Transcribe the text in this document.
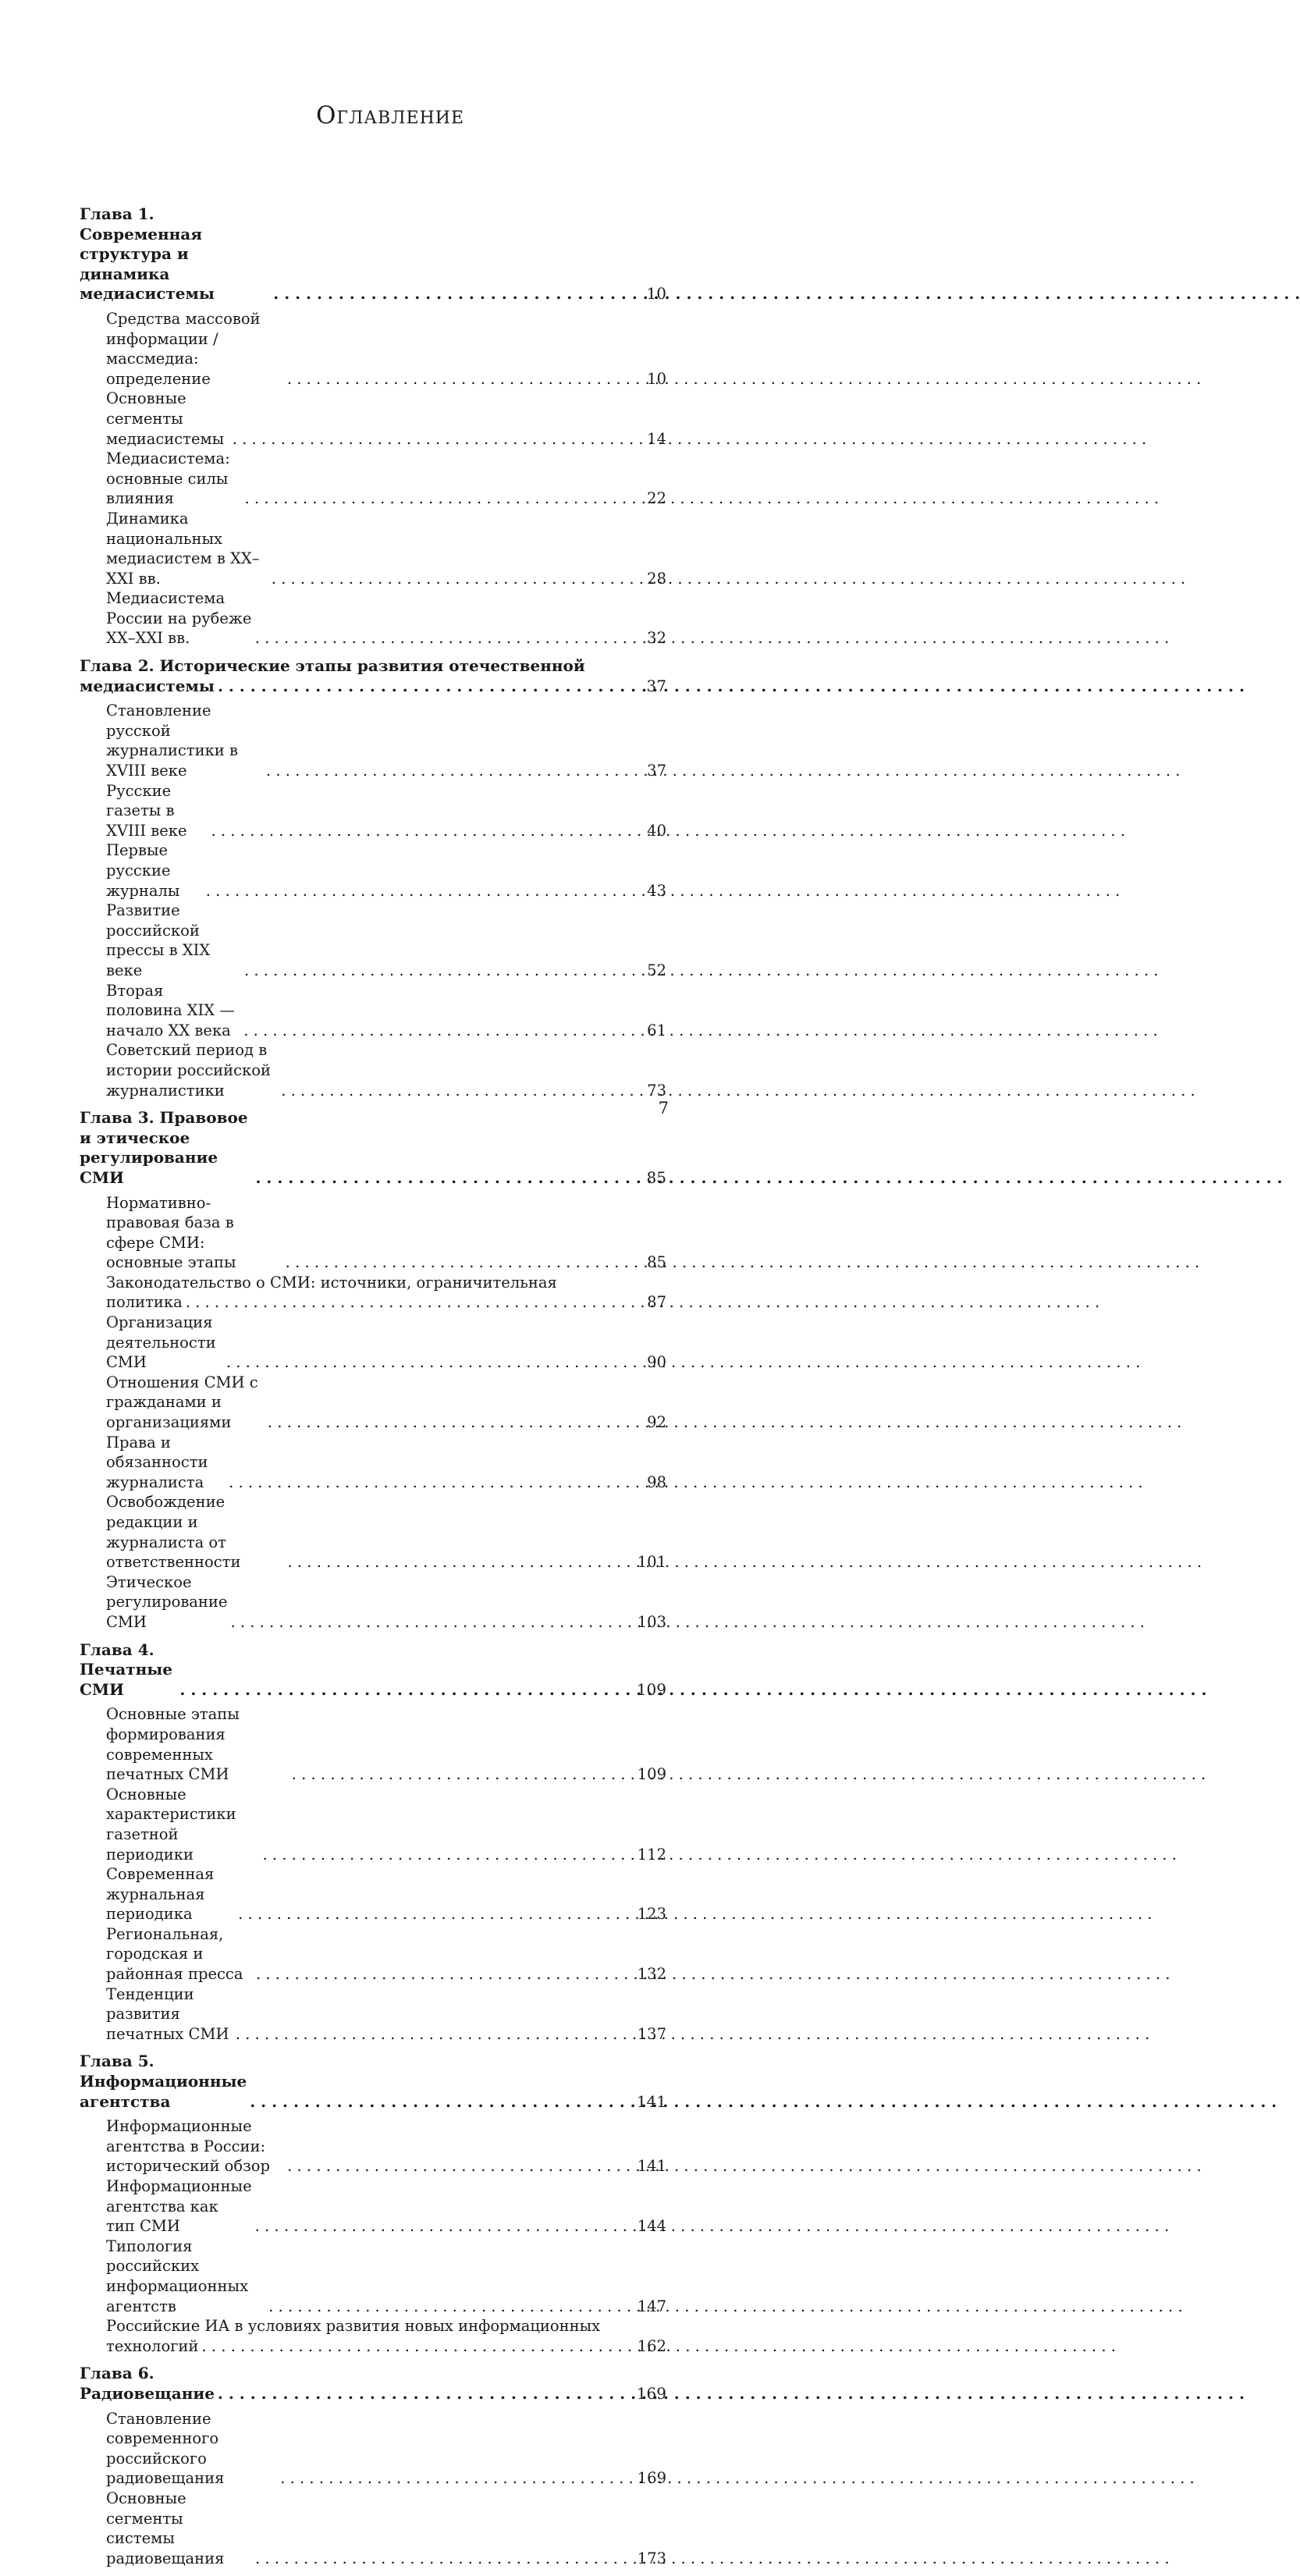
Оглавление
Глава 1. Современная структура и динамика медиасистемы . . .	10
Средства массовой информации / массмедиа: определение . . .	10
Основные сегменты медиасистемы . . .	14
Медиасистема: основные силы влияния . . .	22
Динамика национальных медиасистем в XX–XXI вв. . . .	28
Медиасистема России на рубеже XX–XXI вв. . . .	32
Глава 2. Исторические этапы развития отечественной
медиасистемы . . .	37
Становление русской журналистики в XVIII веке . . .	37
Русские газеты в XVIII веке . . .	40
Первые русские журналы . . .	43
Развитие российской прессы в XIX веке . . .	52
Вторая половина XIX — начало XX века . . .	61
Советский период в истории российской журналистики . . .	73
Глава 3. Правовое и этическое регулирование СМИ . . .	85
Нормативно-правовая база в сфере СМИ: основные этапы . . .	85
Законодательство о СМИ: источники, ограничительная
политика . . .	87
Организация деятельности СМИ . . .	90
Отношения СМИ с гражданами и организациями . . .	92
Права и обязанности журналиста . . .	98
Освобождение редакции и журналиста от ответственности . . .	101
Этическое регулирование СМИ . . .	103
Глава 4. Печатные СМИ . . .	109
Основные этапы формирования современных печатных СМИ . . .	109
Основные характеристики газетной периодики . . .	112
Современная журнальная периодика . . .	123
Региональная, городская и районная пресса . . .	132
Тенденции развития печатных СМИ . . .	137
Глава 5. Информационные агентства . . .	141
Информационные агентства в России: исторический обзор . . .	141
Информационные агентства как тип СМИ . . .	144
Типология российских информационных агентств . . .	147
Российские ИА в условиях развития новых информационных
технологий . . .	162
Глава 6. Радиовещание . . .	169
Становление современного российского радиовещания . . .	169
Основные сегменты системы радиовещания . . .	173
7
